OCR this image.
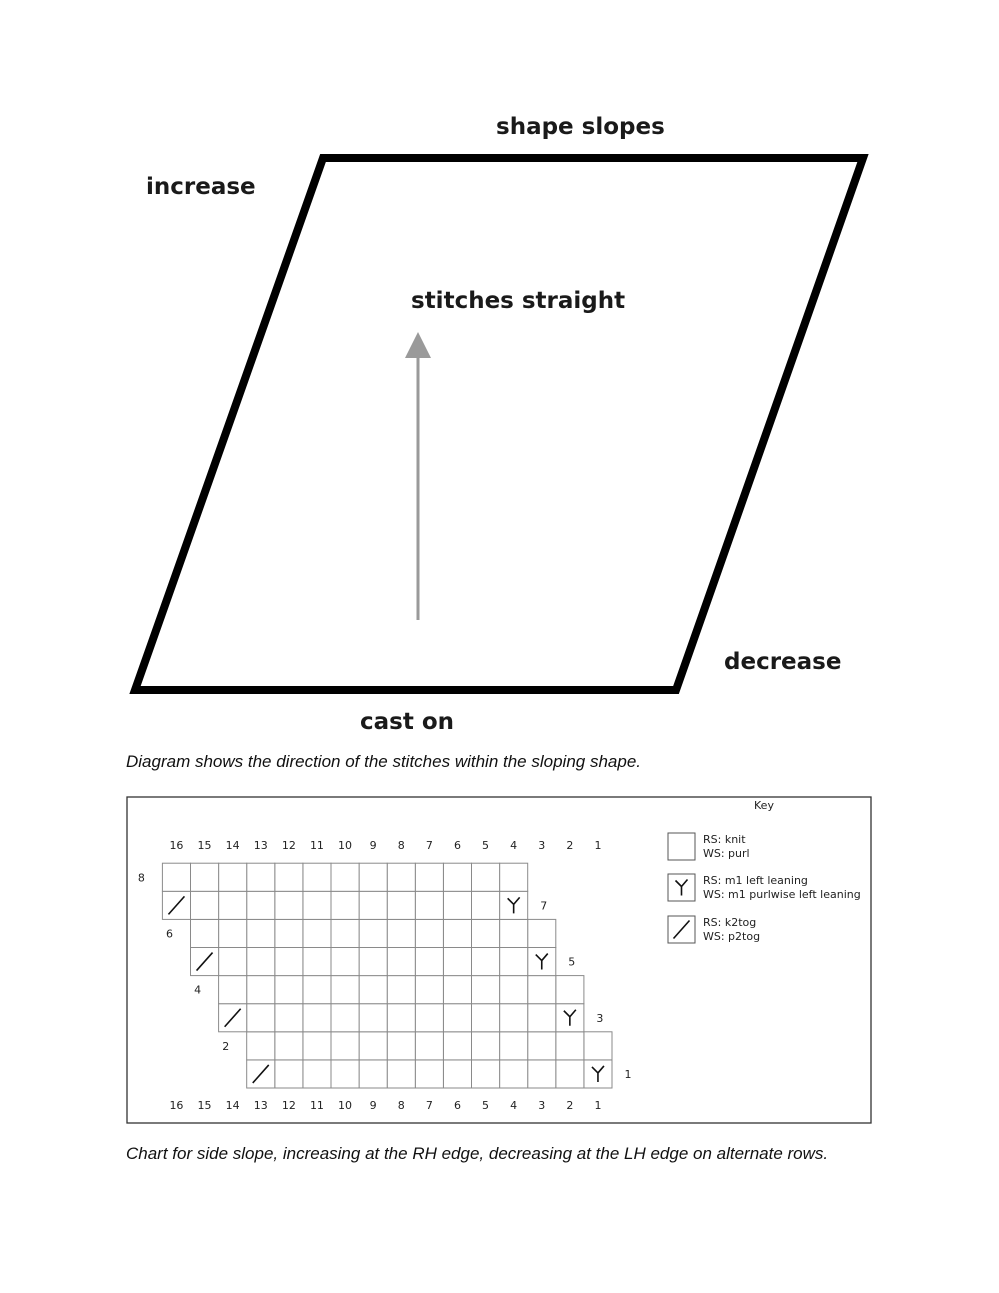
shape slopes
increase
stitches straight
decrease
cast on
Diagram shows the direction of the stitches within the sloping shape.
1
2
3
4
5
6
7
8
16
16
15
15
14
14
13
13
12
12
11
11
10
10
9
9
8
8
7
7
6
6
5
5
4
4
3
3
2
2
1
1
Key
RS: knit
WS: purl
RS: m1 left leaning
WS: m1 purlwise left leaning
RS: k2tog
WS: p2tog
Chart for side slope, increasing at the RH edge, decreasing at the LH edge on alternate rows.
